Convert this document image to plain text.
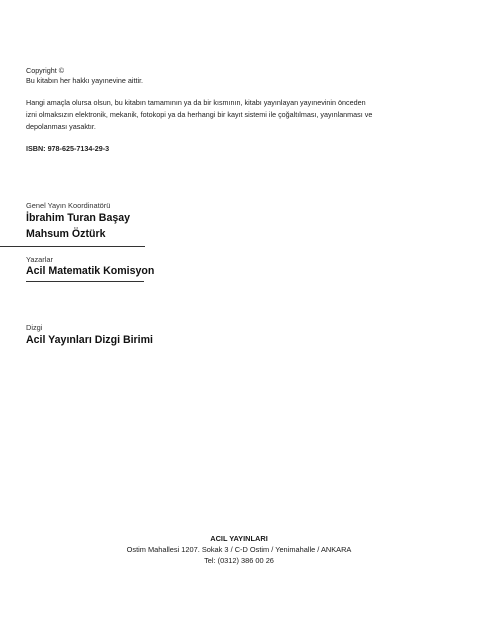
Copyright ©
Bu kitabın her hakkı yayınevine aittir.
Hangi amaçla olursa olsun, bu kitabın tamamının ya da bir kısmının, kitabı yayınlayan yayınevinin önceden
izni olmaksızın elektronik, mekanik, fotokopi ya da herhangi bir kayıt sistemi ile çoğaltılması, yayınlanması ve
depolanması yasaktır.
ISBN: 978-625-7134-29-3
Genel Yayın Koordinatörü
İbrahim Turan Başay
Mahsum Öztürk
Yazarlar
Acil Matematik Komisyon
Dizgi
Acil Yayınları Dizgi Birimi
ACIL YAYINLARI
Ostim Mahallesi 1207. Sokak 3 / C-D Ostim / Yenimahalle / ANKARA
Tel: (0312) 386 00 26
